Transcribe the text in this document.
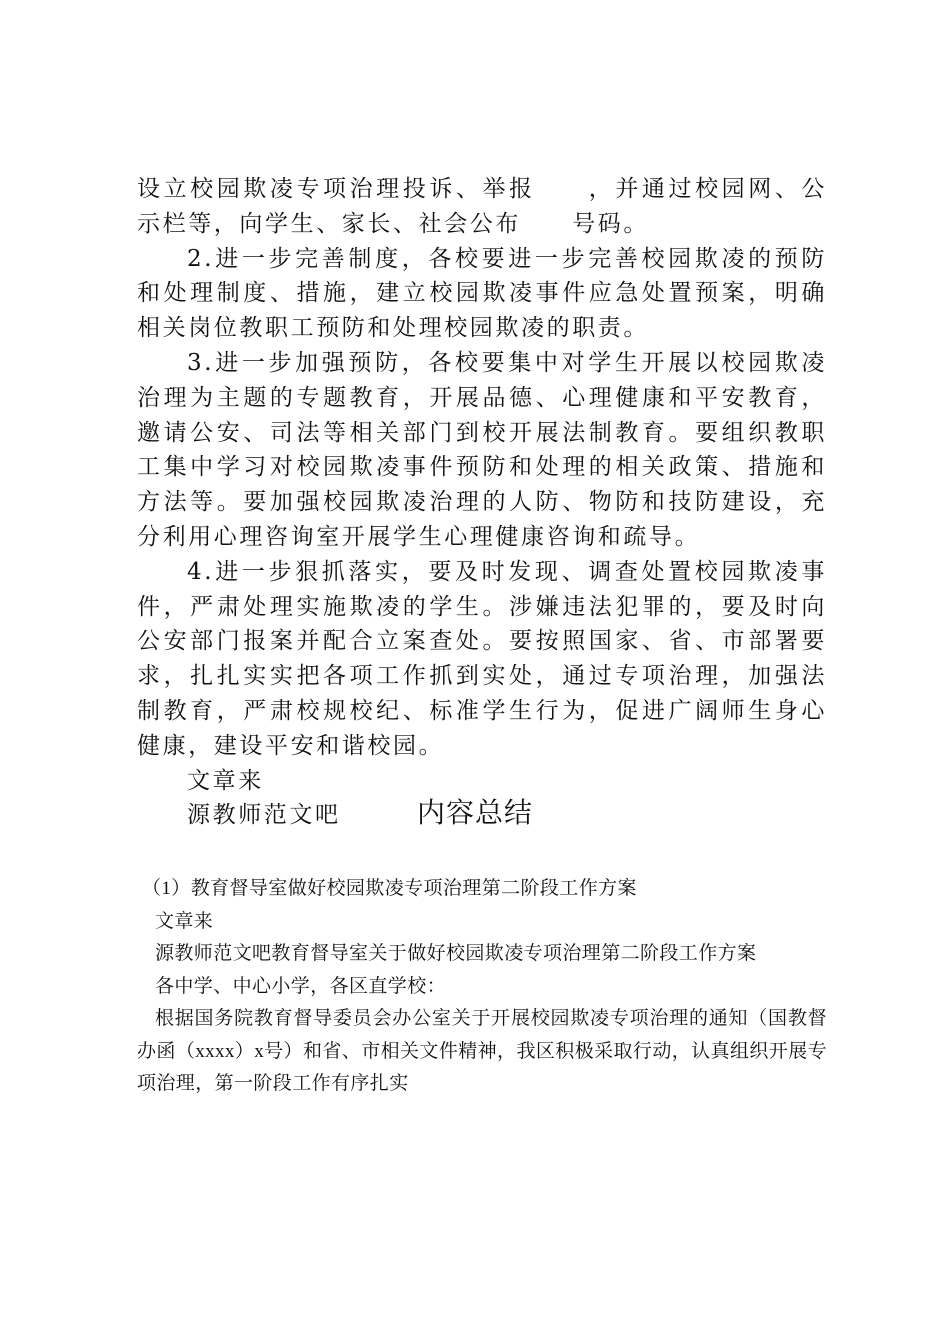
设立校园欺凌专项治理投诉、举报　　，并通过校园网、公示栏等，向学生、家长、社会公布　　号码。

2.进一步完善制度，各校要进一步完善校园欺凌的预防和处理制度、措施，建立校园欺凌事件应急处置预案，明确相关岗位教职工预防和处理校园欺凌的职责。

3.进一步加强预防，各校要集中对学生开展以校园欺凌治理为主题的专题教育，开展品德、心理健康和平安教育，邀请公安、司法等相关部门到校开展法制教育。要组织教职工集中学习对校园欺凌事件预防和处理的相关政策、措施和方法等。要加强校园欺凌治理的人防、物防和技防建设，充分利用心理咨询室开展学生心理健康咨询和疏导。

4.进一步狠抓落实，要及时发现、调查处置校园欺凌事件，严肃处理实施欺凌的学生。涉嫌违法犯罪的，要及时向公安部门报案并配合立案查处。要按照国家、省、市部署要求，扎扎实实把各项工作抓到实处，通过专项治理，加强法制教育，严肃校规校纪、标准学生行为，促进广阔师生身心健康，建设平安和谐校园。

文章来

源教师范文吧	内容总结

（1）教育督导室做好校园欺凌专项治理第二阶段工作方案

文章来

源教师范文吧教育督导室关于做好校园欺凌专项治理第二阶段工作方案

各中学、中心小学，各区直学校：

根据国务院教育督导委员会办公室关于开展校园欺凌专项治理的通知（国教督办函（xxxx）x号）和省、市相关文件精神，我区积极采取行动，认真组织开展专项治理，第一阶段工作有序扎实
